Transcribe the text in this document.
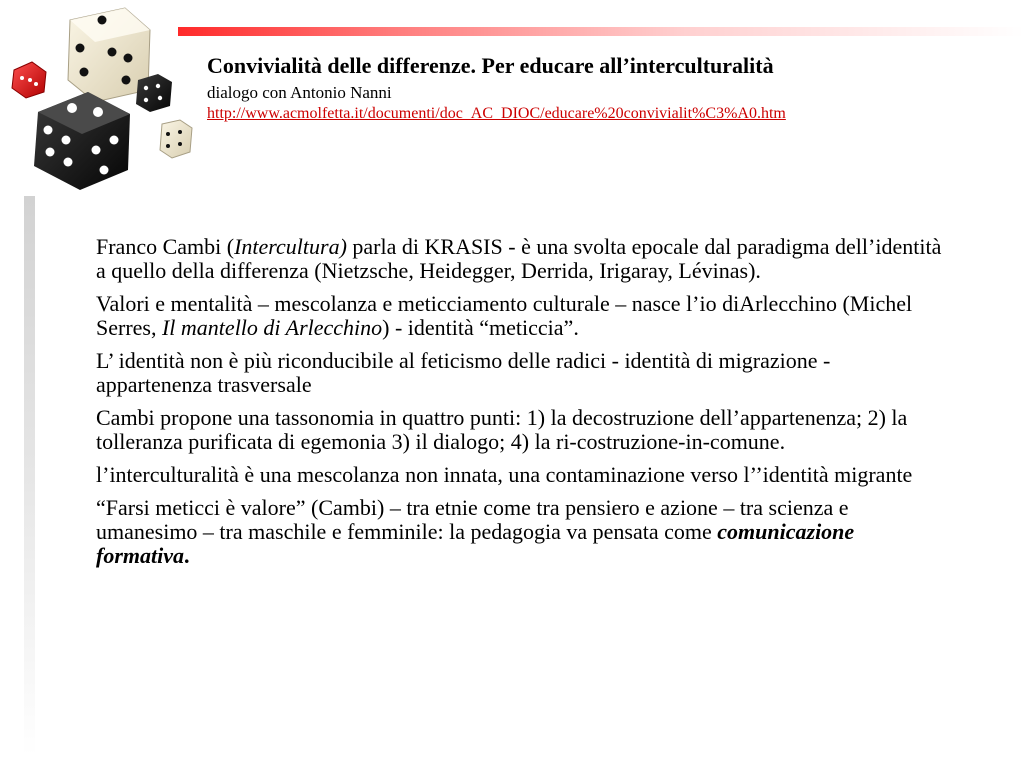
Convivialità delle differenze. Per educare all’interculturalità
dialogo con Antonio Nanni
http://www.acmolfetta.it/documenti/doc_AC_DIOC/educare%20convivialit%C3%A0.htm

Franco Cambi (Intercultura) parla di KRASIS - è una svolta epocale dal paradigma dell’identità a quello della differenza (Nietzsche, Heidegger, Derrida, Irigaray, Lévinas).

Valori e mentalità – mescolanza e meticciamento culturale – nasce l’io diArlecchino (Michel Serres, Il mantello di Arlecchino) - identità “meticcia”.

L’ identità non è più riconducibile al feticismo delle radici - identità di migrazione - appartenenza trasversale

Cambi propone una tassonomia in quattro punti: 1) la decostruzione dell’appartenenza; 2) la tolleranza purificata di egemonia 3) il dialogo; 4) la ri-costruzione-in-comune.

l’interculturalità è una mescolanza non innata, una contaminazione verso l’’identità migrante

“Farsi meticci è valore” (Cambi) – tra etnie come tra pensiero e azione – tra scienza e umanesimo – tra maschile e femminile: la pedagogia va pensata come comunicazione formativa.
